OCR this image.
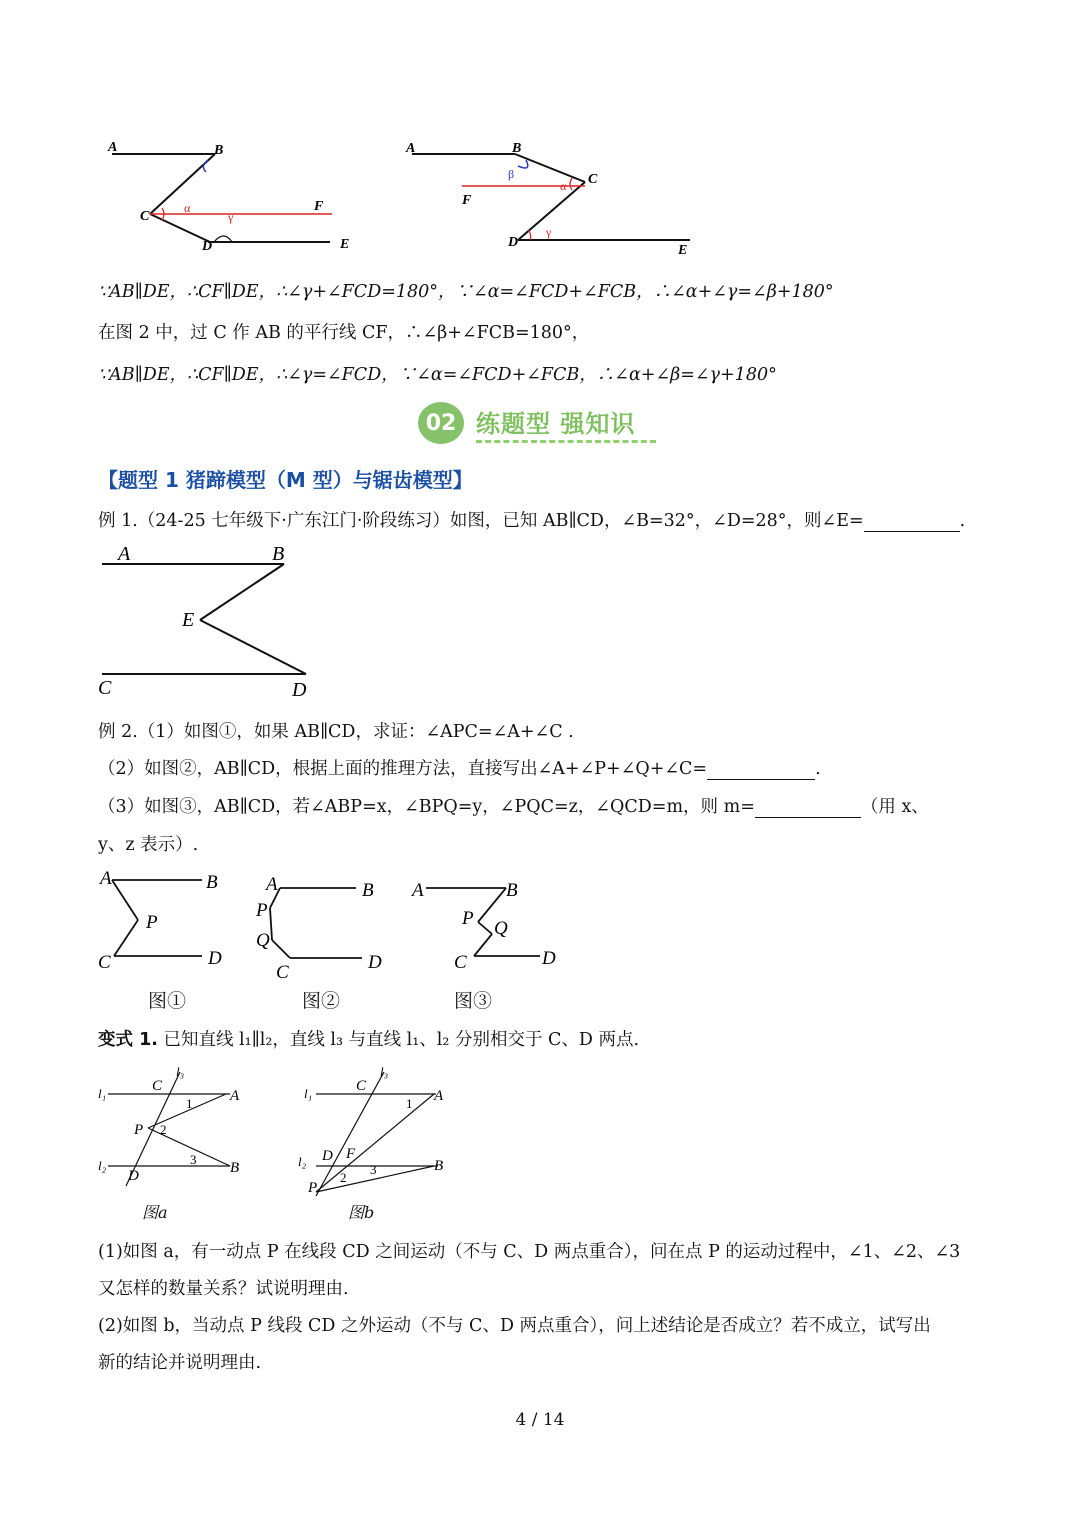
A	B
C
D	E
F
α
γ
A	B
C
D
E
F
α
β
γ
∵AB∥DE，∴CF∥DE，∴∠γ+∠FCD=180°，∵∠α=∠FCD+∠FCB，∴∠α+∠γ=∠β+180°
在图 2 中，过 C 作 AB 的平行线 CF，∴∠β+∠FCB=180°，
∵AB∥DE，∴CF∥DE，∴∠γ=∠FCD，∵∠α=∠FCD+∠FCB，∴∠α+∠β=∠γ+180°
02 练题型 强知识
【题型 1 猪蹄模型（M 型）与锯齿模型】
例 1.（24-25 七年级下·广东江门·阶段练习）如图，已知 AB∥CD，∠B=32°，∠D=28°，则∠E=	.
A	B
E
C	D
例 2.（1）如图①，如果 AB∥CD，求证：∠APC=∠A+∠C .
（2）如图②，AB∥CD，根据上面的推理方法，直接写出∠A+∠P+∠Q+∠C=	.
（3）如图③，AB∥CD，若∠ABP=x，∠BPQ=y，∠PQC=z，∠QCD=m，则 m=	（用 x、
y、z 表示）.
A	B
P
C	D
A	B
P
Q
C	D
A	B
P Q
C	D
图①	图②	图③
变式 1. 已知直线 l₁∥l₂，直线 l₃ 与直线 l₁、l₂ 分别相交于 C、D 两点.
l₁
l₂
l₃
C
A
P
D	B
1
2
3
图a
l₁
l₂
l₃
C
A
D F
B
P
1
2
3
图b
(1)如图 a，有一动点 P 在线段 CD 之间运动（不与 C、D 两点重合），问在点 P 的运动过程中，∠1、∠2、∠3
又怎样的数量关系？试说明理由.
(2)如图 b，当动点 P 线段 CD 之外运动（不与 C、D 两点重合），问上述结论是否成立？若不成立，试写出
新的结论并说明理由.
4 / 14
